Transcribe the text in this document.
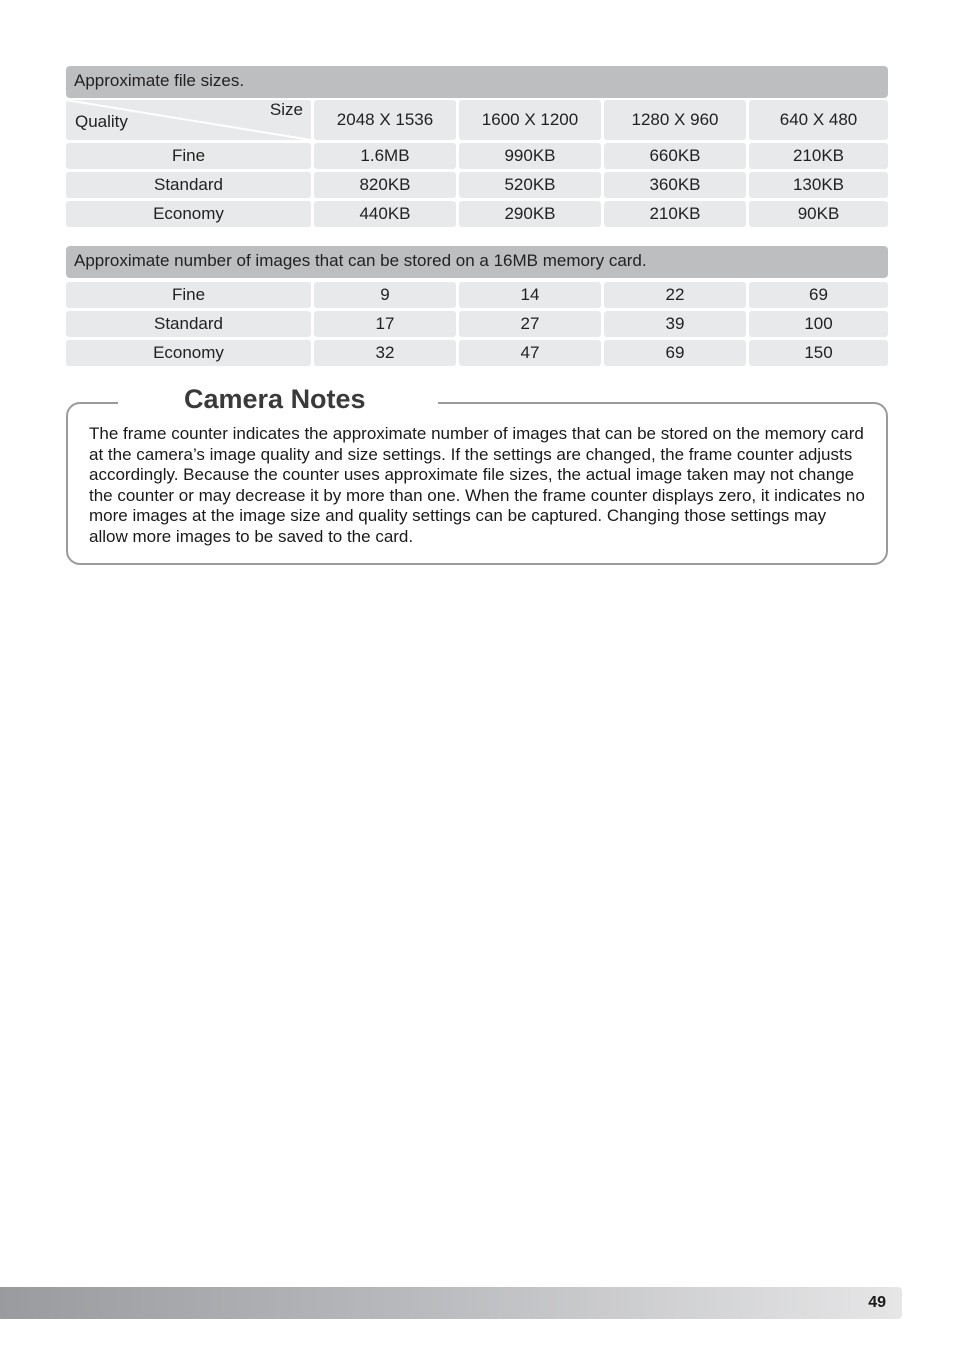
Approximate file sizes.
Size
Quality	2048 X 1536	1600 X 1200	1280 X 960	640 X 480
Fine	1.6MB	990KB	660KB	210KB
Standard	820KB	520KB	360KB	130KB
Economy	440KB	290KB	210KB	90KB
Approximate number of images that can be stored on a 16MB memory card.
Fine	9	14	22	69
Standard	17	27	39	100
Economy	32	47	69	150
Camera Notes
The frame counter indicates the approximate number of images that can be stored on the memory card at the camera’s image quality and size settings. If the settings are changed, the frame counter adjusts accordingly. Because the counter uses approximate file sizes, the actual image taken may not change the counter or may decrease it by more than one. When the frame counter displays zero, it indicates no more images at the image size and quality settings can be captured. Changing those settings may allow more images to be saved to the card.
49
